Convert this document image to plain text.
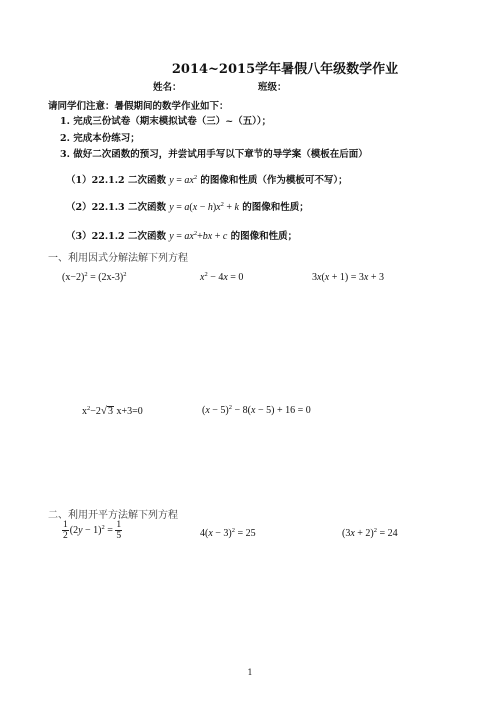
2014~2015学年暑假八年级数学作业
姓名：	班级：
请同学们注意：暑假期间的数学作业如下：
1. 完成三份试卷（期末模拟试卷（三）~（五））；
2. 完成本份练习；
3. 做好二次函数的预习，并尝试用手写以下章节的导学案（模板在后面）
（1）22.1.2 二次函数 $y = ax^2$ 的图像和性质（作为模板可不写）；
（2）22.1.3 二次函数 $y = a(x - h)x^2 + k$ 的图像和性质；
（3）22.1.2 二次函数 $y = ax^2+bx + c$ 的图像和性质；
一、利用因式分解法解下列方程
$(x-2)^2 = (2x-3)^2$	$x^2 - 4x = 0$	3x(x + 1) = 3x + 3
$x^2-2√3$ x+3=0	$(x - 5)^2 - 8(x - 5) + 16 = 0$
二、利用开平方法解下列方程
$\frac{1}{2} (2y - 1)^2 = \frac{1}{5}$	$4(x - 3)^2 = 25$	$(3x + 2)^2 = 24$
1
